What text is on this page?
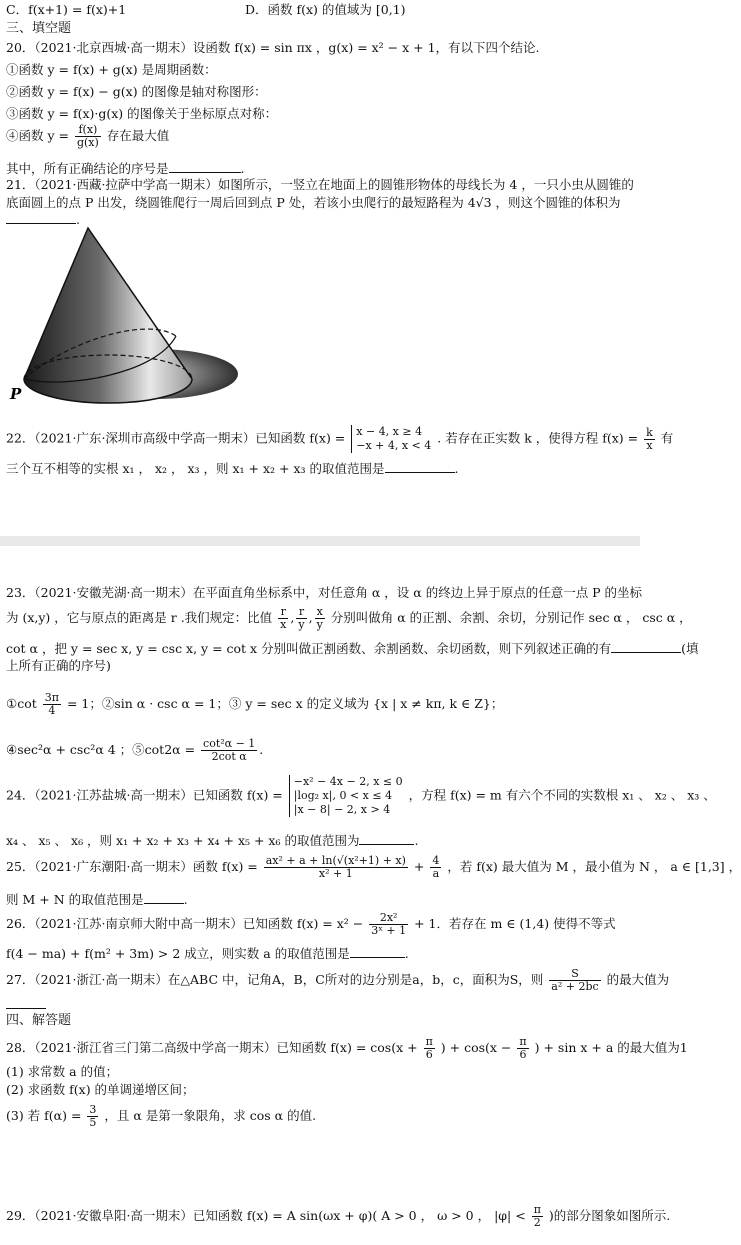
C．f(x+1) = f(x)+1	D．函数 f(x) 的值域为 [0,1)
三、填空题
20．（2021·北京西城·高一期末）设函数 f(x) = sin πx ，g(x) = x² − x + 1，有以下四个结论.
①函数 y = f(x) + g(x) 是周期函数：
②函数 y = f(x) − g(x) 的图像是轴对称图形：
③函数 y = f(x)·g(x) 的图像关于坐标原点对称：
④函数 $y = \frac{f(x)}{g(x)}$ 存在最大值
其中，所有正确结论的序号是	.
21．（2021·西藏·拉萨中学高一期末）如图所示，一竖立在地面上的圆锥形物体的母线长为 4 ，一只小虫从圆锥的
底面圆上的点 P 出发，绕圆锥爬行一周后回到点 P 处，若该小虫爬行的最短路程为 4√3 ，则这个圆锥的体积为
.
P
22．（2021·广东·深圳市高级中学高一期末）已知函数 f(x) = x − 4, x ≥ 4
−x + 4, x < 4 . 若存在正实数 k ，使得方程 $f(x) = \frac{k}{x}$ 有
三个互不相等的实根 x₁ ， x₂ ， x₃ ，则 x₁ + x₂ + x₃ 的取值范围是	.
23．（2021·安徽芜湖·高一期末）在平面直角坐标系中，对任意角 α ，设 α 的终边上异于原点的任意一点 P 的坐标
为 (x,y) ，它与原点的距离是 r .我们规定：比值 $\frac{r}{x}$ , $\frac{r}{y}$ , $\frac{x}{y}$ 分别叫做角 α 的正割、余割、余切，分别记作 sec α ， csc α ，
cot α ，把 y = sec x, y = csc x, y = cot x 分别叫做正割函数、余割函数、余切函数，则下列叙述正确的有	(填
上所有正确的序号)
①cot $\frac{3\pi}{4} = 1$；②sin α · csc α = 1；③ y = sec x 的定义域为 {x | x ≠ kπ, k ∈ Z}；
④sec²α + csc²α 4 ；⑤cot2α = $\frac{\text{cot²α − 1}}{\text{2cot α}}$ .
24．（2021·江苏盐城·高一期末）已知函数 f(x) =
−x² − 4x − 2, x ≤ 0
|log₂ x|, 0 < x ≤ 4
|x − 8| − 2, x > 4
，方程 f(x) = m 有六个不同的实数根 x₁ 、 x₂ 、 x₃ 、
x₄ 、 x₅ 、 x₆ ，则 x₁ + x₂ + x₃ + x₄ + x₅ + x₆ 的取值范围为	.
25．（2021·广东潮阳·高一期末）函数 $f(x) = \frac{\text{ax² + a + ln(√(x²+1) + x)}}{\text{x² + 1}} + \frac{4}{a}$ ，若 f(x) 最大值为 M ，最小值为 N ， a ∈ [1,3] ，
则 M + N 的取值范围是	.
26．（2021·江苏·南京师大附中高一期末）已知函数 $f(x) = x^2 - \frac{\text{2x²}}{\text{3ˣ + 1}} + 1$．若存在 m ∈ (1,4) 使得不等式
f(4 − ma) + f(m² + 3m) > 2 成立，则实数 a 的取值范围是	.
27．（2021·浙江·高一期末）在△ABC 中，记角A，B，C所对的边分别是a，b，c，面积为S，则 $\frac{S}{\text{a² + 2bc}}$ 的最大值为
四、解答题
28．（2021·浙江省三门第二高级中学高一期末）已知函数 $f(x) = \cos(x + \frac{\pi}{6}$ ) + $\cos(x - \frac{\pi}{6}$ ) + sin x + a 的最大值为1
(1) 求常数 a 的值；
(2) 求函数 f(x) 的单调递增区间；
(3) 若 $f(\alpha) = \frac{3}{5}$ ，且 α 是第一象限角，求 cos α 的值.
29．（2021·安徽阜阳·高一期末）已知函数 f(x) = A sin(ωx + φ)( A > 0 ， ω > 0 ， $|\varphi| < \frac{\pi}{2}$ )的部分图象如图所示.
